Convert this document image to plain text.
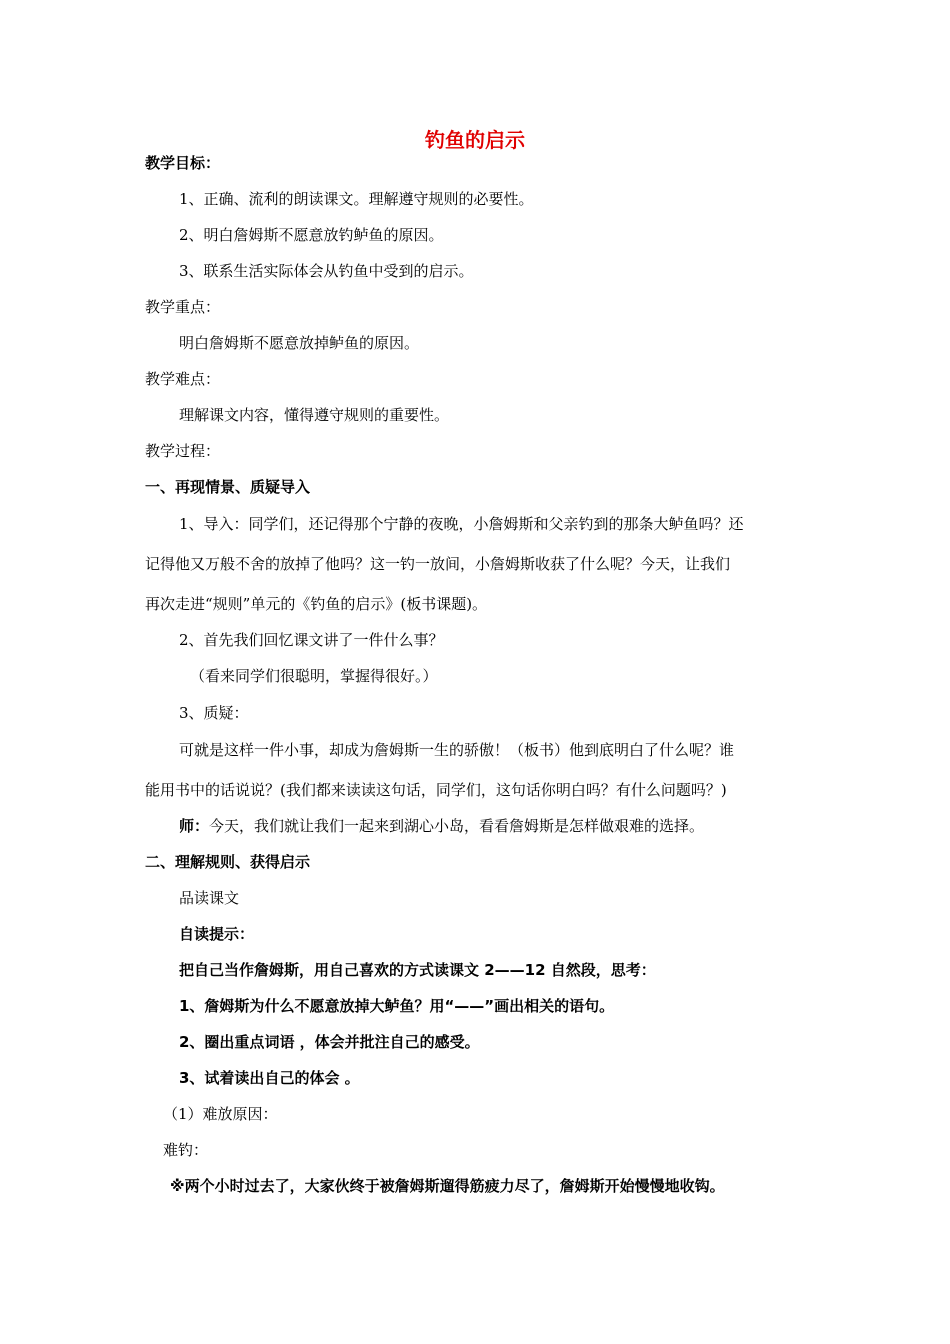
钓鱼的启示
教学目标：
1、正确、流利的朗读课文。理解遵守规则的必要性。
2、明白詹姆斯不愿意放钓鲈鱼的原因。
3、联系生活实际体会从钓鱼中受到的启示。
教学重点：
明白詹姆斯不愿意放掉鲈鱼的原因。
教学难点：
理解课文内容，懂得遵守规则的重要性。
教学过程：
一、再现情景、质疑导入
1、导入：同学们，还记得那个宁静的夜晚，小詹姆斯和父亲钓到的那条大鲈鱼吗？还
记得他又万般不舍的放掉了他吗？这一钓一放间，小詹姆斯收获了什么呢？今天，让我们
再次走进“规则”单元的《钓鱼的启示》(板书课题)。
2、首先我们回忆课文讲了一件什么事？
（看来同学们很聪明，掌握得很好。）
3、质疑：
可就是这样一件小事，却成为詹姆斯一生的骄傲！（板书）他到底明白了什么呢？谁
能用书中的话说说？(我们都来读读这句话，同学们，这句话你明白吗？有什么问题吗？)
师：今天，我们就让我们一起来到湖心小岛，看看詹姆斯是怎样做艰难的选择。
二、理解规则、获得启示
品读课文
自读提示：
把自己当作詹姆斯，用自己喜欢的方式读课文 2——12 自然段，思考：
1、詹姆斯为什么不愿意放掉大鲈鱼？用“——”画出相关的语句。
2、圈出重点词语 ，体会并批注自己的感受。
3、试着读出自己的体会 。
（1）难放原因：
难钓：
※两个小时过去了，大家伙终于被詹姆斯遛得筋疲力尽了，詹姆斯开始慢慢地收钩。
